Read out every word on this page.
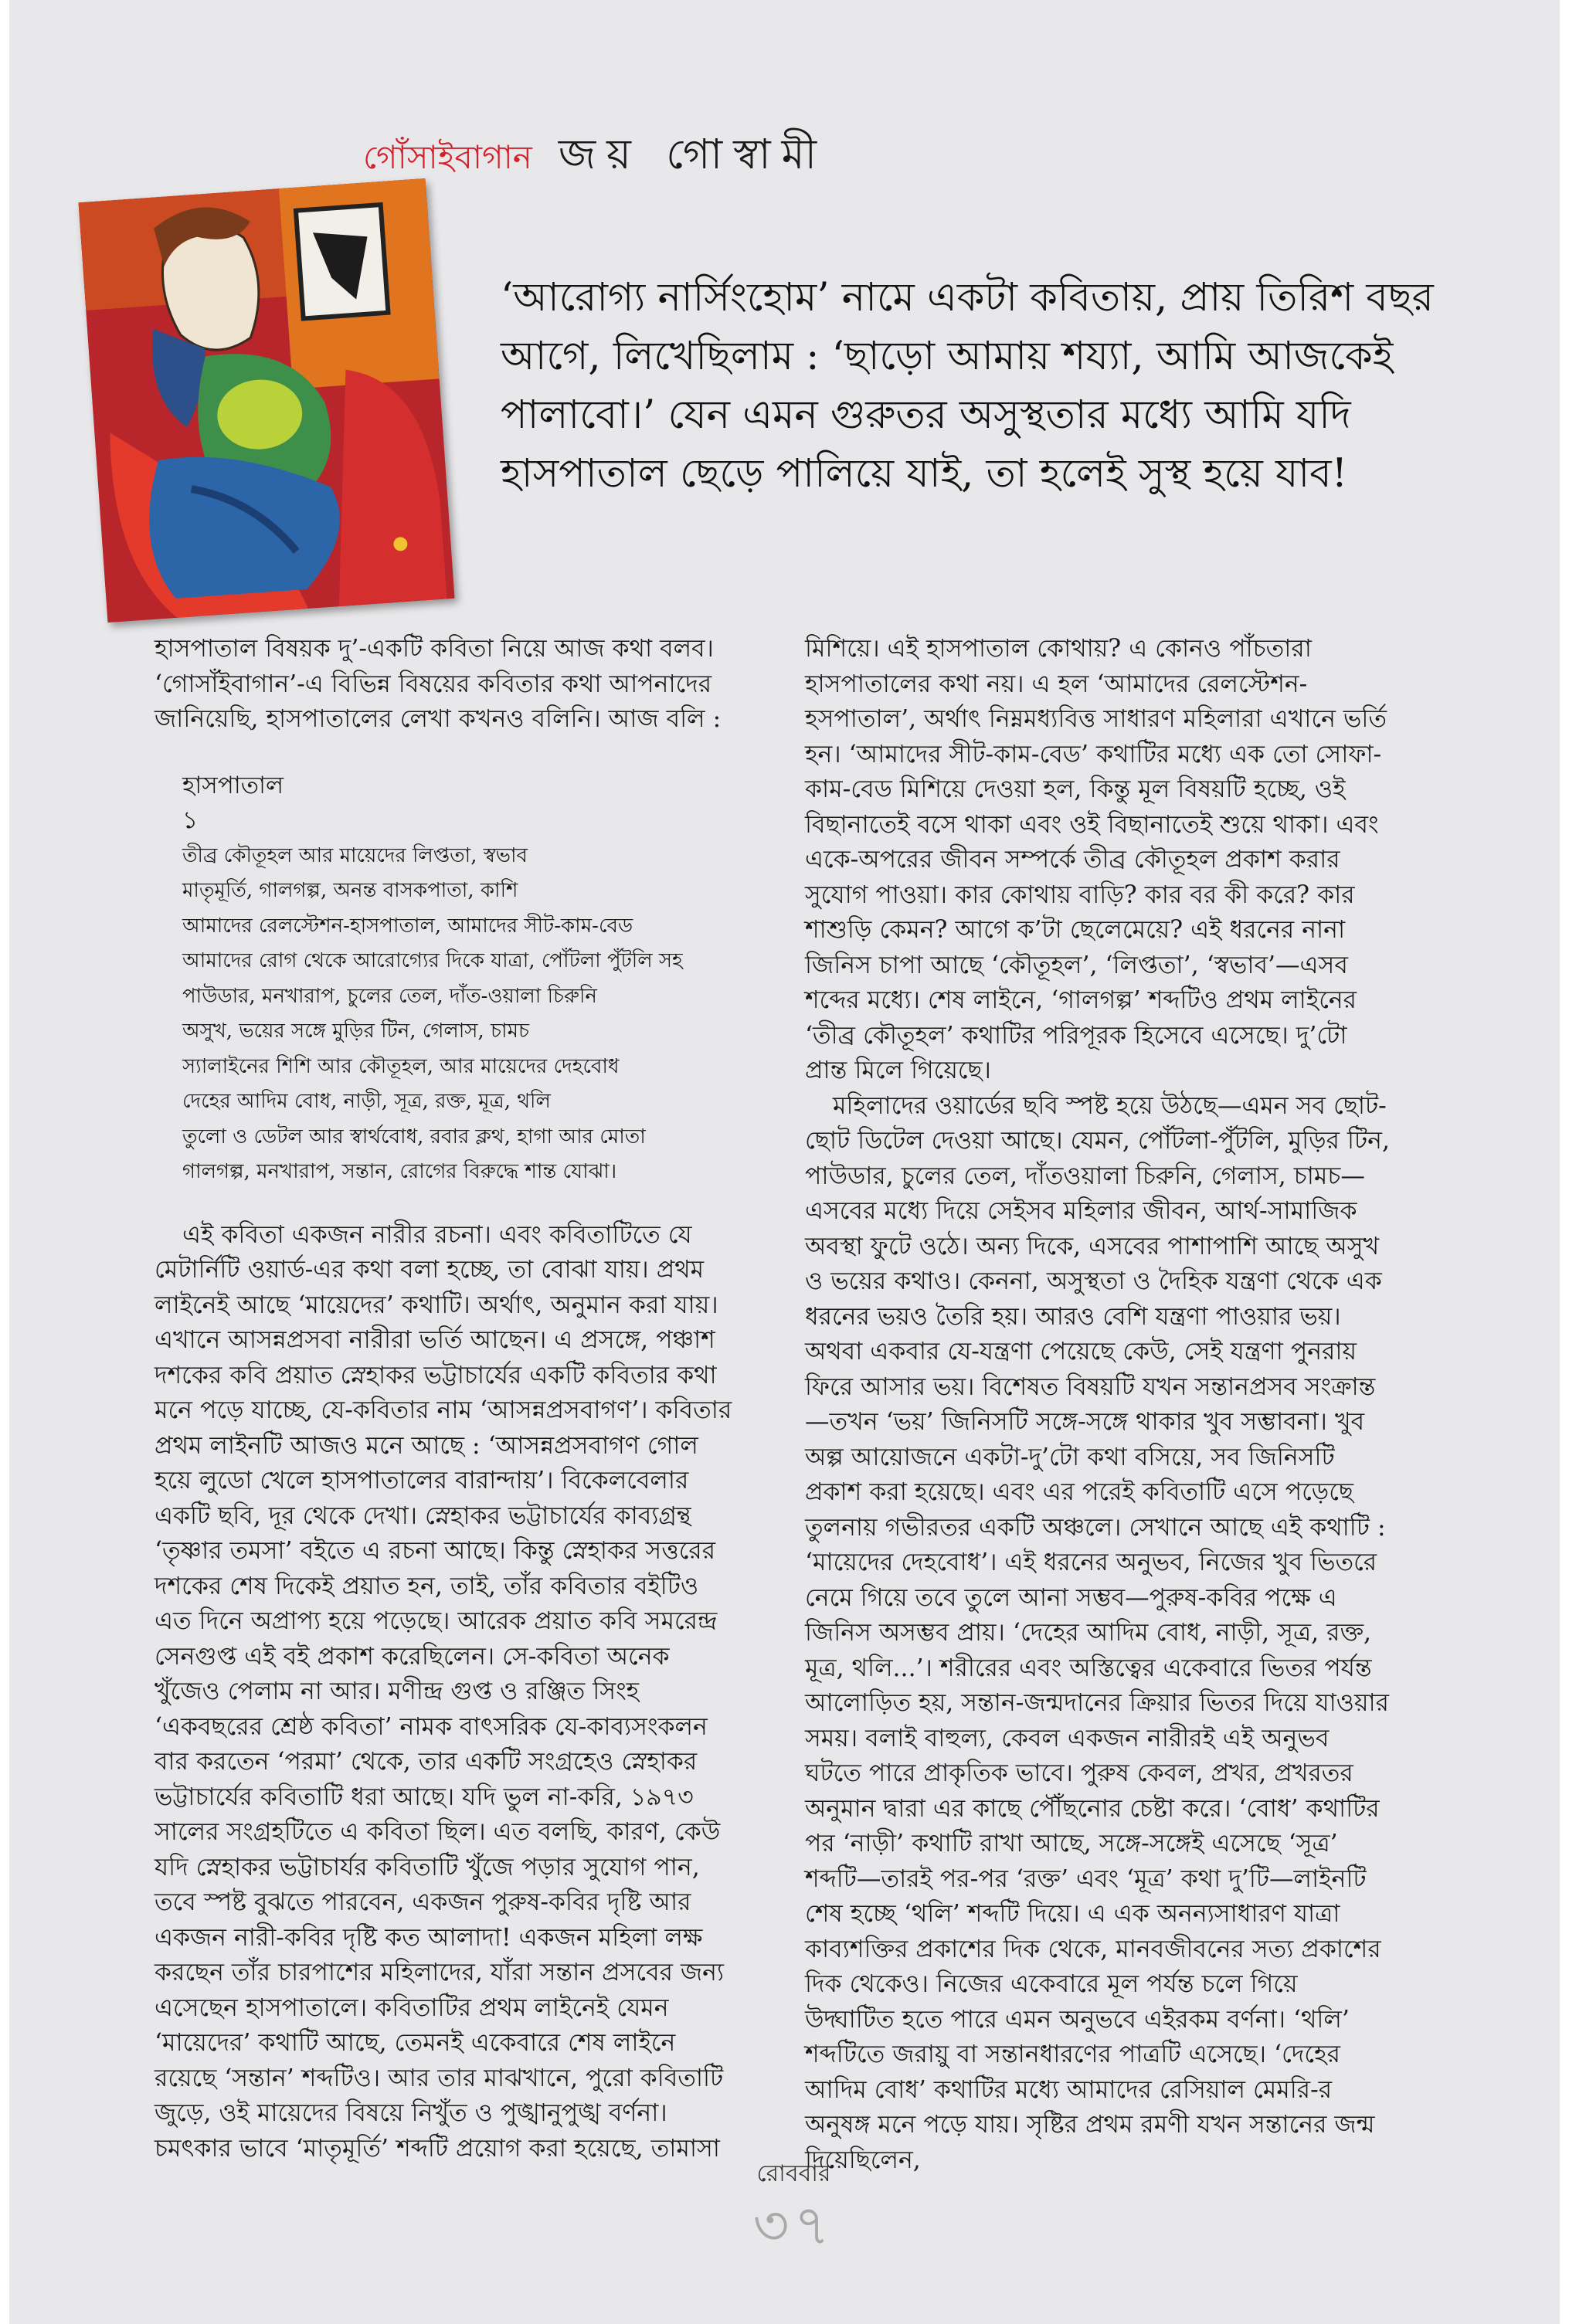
গোঁসাইবাগান জয় গোস্বামী
‘আরোগ্য নার্সিংহোম’ নামে একটা কবিতায়, প্রায় তিরিশ বছর আগে, লিখেছিলাম : ‘ছাড়ো আমায় শয্যা, আমি আজকেই পালাবো।’ যেন এমন গুরুতর অসুস্থতার মধ্যে আমি যদি হাসপাতাল ছেড়ে পালিয়ে যাই, তা হলেই সুস্থ হয়ে যাব!

হাসপাতাল বিষয়ক দু’-একটি কবিতা নিয়ে আজ কথা বলব। ‘গোসাঁইবাগান’-এ বিভিন্ন বিষয়ের কবিতার কথা আপনাদের জানিয়েছি, হাসপাতালের লেখা কখনও বলিনি। আজ বলি :

হাসপাতাল
১
তীব্র কৌতূহল আর মায়েদের লিপ্ততা, স্বভাব
মাতৃমূর্তি, গালগল্প, অনন্ত বাসকপাতা, কাশি
আমাদের রেলস্টেশন-হাসপাতাল, আমাদের সীট-কাম-বেড
আমাদের রোগ থেকে আরোগ্যের দিকে যাত্রা, পোঁটলা পুঁটলি সহ
পাউডার, মনখারাপ, চুলের তেল, দাঁত-ওয়ালা চিরুনি
অসুখ, ভয়ের সঙ্গে মুড়ির টিন, গেলাস, চামচ
স্যালাইনের শিশি আর কৌতূহল, আর মায়েদের দেহবোধ
দেহের আদিম বোধ, নাড়ী, সূত্র, রক্ত, মূত্র, থলি
তুলো ও ডেটল আর স্বার্থবোধ, রবার ক্লথ, হাগা আর মোতা
গালগল্প, মনখারাপ, সন্তান, রোগের বিরুদ্ধে শান্ত যোঝা।

এই কবিতা একজন নারীর রচনা। এবং কবিতাটিতে যে মেটার্নিটি ওয়ার্ড-এর কথা বলা হচ্ছে, তা বোঝা যায়। প্রথম লাইনেই আছে ‘মায়েদের’ কথাটি। অর্থাৎ, অনুমান করা যায়। এখানে আসন্নপ্রসবা নারীরা ভর্তি আছেন। এ প্রসঙ্গে, পঞ্চাশ দশকের কবি প্রয়াত স্নেহাকর ভট্টাচার্যের একটি কবিতার কথা মনে পড়ে যাচ্ছে, যে-কবিতার নাম ‘আসন্নপ্রসবাগণ’। কবিতার প্রথম লাইনটি আজও মনে আছে : ‘আসন্নপ্রসবাগণ গোল হয়ে লুডো খেলে হাসপাতালের বারান্দায়’। বিকেলবেলার একটি ছবি, দূর থেকে দেখা। স্নেহাকর ভট্টাচার্যের কাব্যগ্রন্থ ‘তৃষ্ণার তমসা’ বইতে এ রচনা আছে। কিন্তু স্নেহাকর সত্তরের দশকের শেষ দিকেই প্রয়াত হন, তাই, তাঁর কবিতার বইটিও এত দিনে অপ্রাপ্য হয়ে পড়েছে। আরেক প্রয়াত কবি সমরেন্দ্র সেনগুপ্ত এই বই প্রকাশ করেছিলেন। সে-কবিতা অনেক খুঁজেও পেলাম না আর। মণীন্দ্র গুপ্ত ও রঞ্জিত সিংহ ‘একবছরের শ্রেষ্ঠ কবিতা’ নামক বাৎসরিক যে-কাব্যসংকলন বার করতেন ‘পরমা’ থেকে, তার একটি সংগ্রহেও স্নেহাকর ভট্টাচার্যের কবিতাটি ধরা আছে। যদি ভুল না-করি, ১৯৭৩ সালের সংগ্রহটিতে এ কবিতা ছিল। এত বলছি, কারণ, কেউ যদি স্নেহাকর ভট্টাচার্যর কবিতাটি খুঁজে পড়ার সুযোগ পান, তবে স্পষ্ট বুঝতে পারবেন, একজন পুরুষ-কবির দৃষ্টি আর একজন নারী-কবির দৃষ্টি কত আলাদা! একজন মহিলা লক্ষ করছেন তাঁর চারপাশের মহিলাদের, যাঁরা সন্তান প্রসবের জন্য এসেছেন হাসপাতালে। কবিতাটির প্রথম লাইনেই যেমন ‘মায়েদের’ কথাটি আছে, তেমনই একেবারে শেষ লাইনে রয়েছে ‘সন্তান’ শব্দটিও। আর তার মাঝখানে, পুরো কবিতাটি জুড়ে, ওই মায়েদের বিষয়ে নিখুঁত ও পুঙ্খানুপুঙ্খ বর্ণনা। চমৎকার ভাবে ‘মাতৃমূর্তি’ শব্দটি প্রয়োগ করা হয়েছে, তামাসা

মিশিয়ে। এই হাসপাতাল কোথায়? এ কোনও পাঁচতারা হাসপাতালের কথা নয়। এ হল ‘আমাদের রেলস্টেশন-হসপাতাল’, অর্থাৎ নিম্নমধ্যবিত্ত সাধারণ মহিলারা এখানে ভর্তি হন। ‘আমাদের সীট-কাম-বেড’ কথাটির মধ্যে এক তো সোফা-কাম-বেড মিশিয়ে দেওয়া হল, কিন্তু মূল বিষয়টি হচ্ছে, ওই বিছানাতেই বসে থাকা এবং ওই বিছানাতেই শুয়ে থাকা। এবং একে-অপরের জীবন সম্পর্কে তীব্র কৌতূহল প্রকাশ করার সুযোগ পাওয়া। কার কোথায় বাড়ি? কার বর কী করে? কার শাশুড়ি কেমন? আগে ক’টা ছেলেমেয়ে? এই ধরনের নানা জিনিস চাপা আছে ‘কৌতূহল’, ‘লিপ্ততা’, ‘স্বভাব’—এসব শব্দের মধ্যে। শেষ লাইনে, ‘গালগল্প’ শব্দটিও প্রথম লাইনের ‘তীব্র কৌতূহল’ কথাটির পরিপূরক হিসেবে এসেছে। দু’টো প্রান্ত মিলে গিয়েছে।

মহিলাদের ওয়ার্ডের ছবি স্পষ্ট হয়ে উঠছে—এমন সব ছোট-ছোট ডিটেল দেওয়া আছে। যেমন, পোঁটলা-পুঁটলি, মুড়ির টিন, পাউডার, চুলের তেল, দাঁতওয়ালা চিরুনি, গেলাস, চামচ—এসবের মধ্যে দিয়ে সেইসব মহিলার জীবন, আর্থ-সামাজিক অবস্থা ফুটে ওঠে। অন্য দিকে, এসবের পাশাপাশি আছে অসুখ ও ভয়ের কথাও। কেননা, অসুস্থতা ও দৈহিক যন্ত্রণা থেকে এক ধরনের ভয়ও তৈরি হয়। আরও বেশি যন্ত্রণা পাওয়ার ভয়। অথবা একবার যে-যন্ত্রণা পেয়েছে কেউ, সেই যন্ত্রণা পুনরায় ফিরে আসার ভয়। বিশেষত বিষয়টি যখন সন্তানপ্রসব সংক্রান্ত—তখন ‘ভয়’ জিনিসটি সঙ্গে-সঙ্গে থাকার খুব সম্ভাবনা। খুব অল্প আয়োজনে একটা-দু’টো কথা বসিয়ে, সব জিনিসটি প্রকাশ করা হয়েছে। এবং এর পরেই কবিতাটি এসে পড়েছে তুলনায় গভীরতর একটি অঞ্চলে। সেখানে আছে এই কথাটি : ‘মায়েদের দেহবোধ’। এই ধরনের অনুভব, নিজের খুব ভিতরে নেমে গিয়ে তবে তুলে আনা সম্ভব—পুরুষ-কবির পক্ষে এ জিনিস অসম্ভব প্রায়। ‘দেহের আদিম বোধ, নাড়ী, সূত্র, রক্ত, মূত্র, থলি...’। শরীরের এবং অস্তিত্বের একেবারে ভিতর পর্যন্ত আলোড়িত হয়, সন্তান-জন্মদানের ক্রিয়ার ভিতর দিয়ে যাওয়ার সময়। বলাই বাহুল্য, কেবল একজন নারীরই এই অনুভব ঘটতে পারে প্রাকৃতিক ভাবে। পুরুষ কেবল, প্রখর, প্রখরতর অনুমান দ্বারা এর কাছে পৌঁছনোর চেষ্টা করে। ‘বোধ’ কথাটির পর ‘নাড়ী’ কথাটি রাখা আছে, সঙ্গে-সঙ্গেই এসেছে ‘সূত্র’ শব্দটি—তারই পর-পর ‘রক্ত’ এবং ‘মূত্র’ কথা দু’টি—লাইনটি শেষ হচ্ছে ‘থলি’ শব্দটি দিয়ে। এ এক অনন্যসাধারণ যাত্রা কাব্যশক্তির প্রকাশের দিক থেকে, মানবজীবনের সত্য প্রকাশের দিক থেকেও। নিজের একেবারে মূল পর্যন্ত চলে গিয়ে উদ্ঘাটিত হতে পারে এমন অনুভবে এইরকম বর্ণনা। ‘থলি’ শব্দটিতে জরায়ু বা সন্তানধারণের পাত্রটি এসেছে। ‘দেহের আদিম বোধ’ কথাটির মধ্যে আমাদের রেসিয়াল মেমরি-র অনুষঙ্গ মনে পড়ে যায়। সৃষ্টির প্রথম রমণী যখন সন্তানের জন্ম দিয়েছিলেন,

রোববার
৩৭
